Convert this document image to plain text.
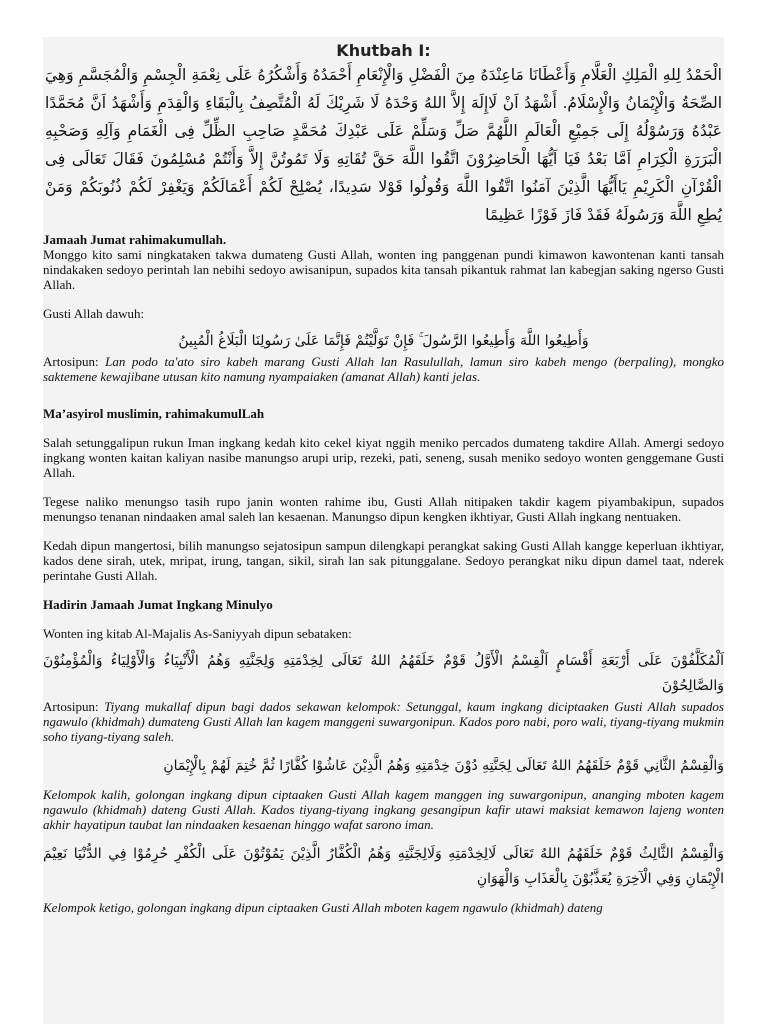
Khutbah I:

الْحَمْدُ لِلهِ الْمَلِكِ الْعَلَّامِ وَأَعْطَانَا مَاعِنْدَهُ مِنَ الْفَضْلِ وَالْإِنْعَامِ أَحْمَدُهُ وَأَشْكُرُهُ عَلَى نِعْمَةِ الْجِسْمِ وَالْمُجَسَّمِ وَهِيَ الصِّحَةُ وَالْإِيْمَانُ وَالْإِسْلَامُ. أَشْهَدُ اَنْ لَاإِلَهَ إِلاَّ اللهُ وَحْدَهُ لَا شَرِيْكَ لَهُ الْمُتَّصِفُ بِالْبَقَاءِ وَالْقِدَمِ وَأَشْهَدُ اَنَّ مُحَمَّدًا عَبْدُهُ وَرَسُوْلُهُ إِلَى جَمِيْعِ الْعَالَمِ اللَّهُمَّ صَلِّ وَسَلِّمْ عَلَى عَبْدِكَ مُحَمَّدٍ صَاحِبِ الظِّلِّ فِى الْغَمَامِ وَآلِهِ وَصَحْبِهِ الْبَرَرَةِ الْكِرَامِ اَمَّا بَعْدُ فَيَا اَيُّهَا الْحَاضِرُوْنَ اتَّقُوا اللَّهَ حَقَّ تُقَاتِهِ وَلَا تَمُوتُنَّ إِلاَّ وَأَنْتُمْ مُسْلِمُونَ فَقَالَ تَعَالَى فِى الْقُرْآنِ الْكَرِيْمِ يَاأَيُّهَا الَّذِيْنَ آمَنُوا اتَّقُوا اللَّهَ وَقُولُوا قَوْلا سَدِيدًا، يُصْلِحْ لَكُمْ أَعْمَالَكُمْ وَيَغْفِرْ لَكُمْ ذُنُوبَكُمْ وَمَنْ يُطِعِ اللَّهَ وَرَسُولَهُ فَقَدْ فَازَ فَوْزًا عَظِيمًا

Jamaah Jumat rahimakumullah.

Monggo kito sami ningkataken takwa dumateng Gusti Allah, wonten ing panggenan pundi kimawon kawontenan kanti tansah nindakaken sedoyo perintah lan nebihi sedoyo awisanipun, supados kita tansah pikantuk rahmat lan kabegjan saking ngerso Gusti Allah.

Gusti Allah dawuh:

وَأَطِيعُوا اللَّهَ وَأَطِيعُوا الرَّسُولَ ۚ فَإِنْ تَوَلَّيْتُمْ فَإِنَّمَا عَلَىٰ رَسُولِنَا الْبَلَاغُ الْمُبِينُ

Artosipun: Lan podo ta'ato siro kabeh marang Gusti Allah lan Rasulullah, lamun siro kabeh mengo (berpaling), mongko saktemene kewajibane utusan kito namung nyampaiaken (amanat Allah) kanti jelas.

Ma’asyirol muslimin, rahimakumulLah

Salah setunggalipun rukun Iman ingkang kedah kito cekel kiyat nggih meniko percados dumateng takdire Allah. Amergi sedoyo ingkang wonten kaitan kaliyan nasibe manungso arupi urip, rezeki, pati, seneng, susah meniko sedoyo wonten genggemane Gusti Allah.

Tegese naliko menungso tasih rupo janin wonten rahime ibu, Gusti Allah nitipaken takdir kagem piyambakipun, supados menungso tenanan nindaaken amal saleh lan kesaenan. Manungso dipun kengken ikhtiyar, Gusti Allah ingkang nentuaken.

Kedah dipun mangertosi, bilih manungso sejatosipun sampun dilengkapi perangkat saking Gusti Allah kangge keperluan ikhtiyar, kados dene sirah, utek, mripat, irung, tangan, sikil, sirah lan sak pitunggalane. Sedoyo perangkat niku dipun damel taat, nderek perintahe Gusti Allah.

Hadirin Jamaah Jumat Ingkang Minulyo

Wonten ing kitab Al-Majalis As-Saniyyah dipun sebataken:

اَلْمُكَلَّفُوْنَ عَلَى أَرْبَعَةِ أَقْسَامٍ اَلْقِسْمُ الْأَوَّلُ قَوْمٌ خَلَقَهُمُ اللهُ تَعَالَى لِخِدْمَتِهِ وَلِجَنَّتِهِ وَهُمُ الْأَنْبِيَاءُ وَالْأَوْلِيَاءُ وَالْمُؤْمِنُوْنَ وَالصَّالِحُوْنَ

Artosipun: Tiyang mukallaf dipun bagi dados sekawan kelompok: Setunggal, kaum ingkang diciptaaken Gusti Allah supados ngawulo (khidmah) dumateng Gusti Allah lan kagem manggeni suwargonipun. Kados poro nabi, poro wali, tiyang-tiyang mukmin soho tiyang-tiyang saleh.

وَالْقِسْمُ الثَّانِي قَوْمٌ خَلَقَهُمُ اللهُ تَعَالَى لِجَنَّتِهِ دُوْنَ خِدْمَتِهِ وَهُمُ الَّذِيْنَ عَاشُوْا كُفَّارًا ثُمَّ خُتِمَ لَهُمْ بِالْإِيْمَانِ

Kelompok kalih, golongan ingkang dipun ciptaaken Gusti Allah kagem manggen ing suwargonipun, ananging mboten kagem ngawulo (khidmah) dateng Gusti Allah. Kados tiyang-tiyang ingkang gesangipun kafir utawi maksiat kemawon lajeng wonten akhir hayatipun taubat lan nindaaken kesaenan hinggo wafat sarono iman.

وَالْقِسْمُ الثَّالِثُ قَوْمٌ خَلَقَهُمُ اللهُ تَعَالَى لَالِخِدْمَتِهِ وَلَالِجَنَّتِهِ وَهُمُ الْكُفَّارُ الَّذِيْنَ يَمُوْتُوْنَ عَلَى الْكُفْرِ حُرِمُوْا فِي الدُّنْيَا نَعِيْمَ الْإِيْمَانِ وَفِي الْآخِرَةِ يُعَذَّبُوْنَ بِالْعَذَابِ وَالْهَوَانِ

Kelompok ketigo, golongan ingkang dipun ciptaaken Gusti Allah mboten kagem ngawulo (khidmah) dateng
